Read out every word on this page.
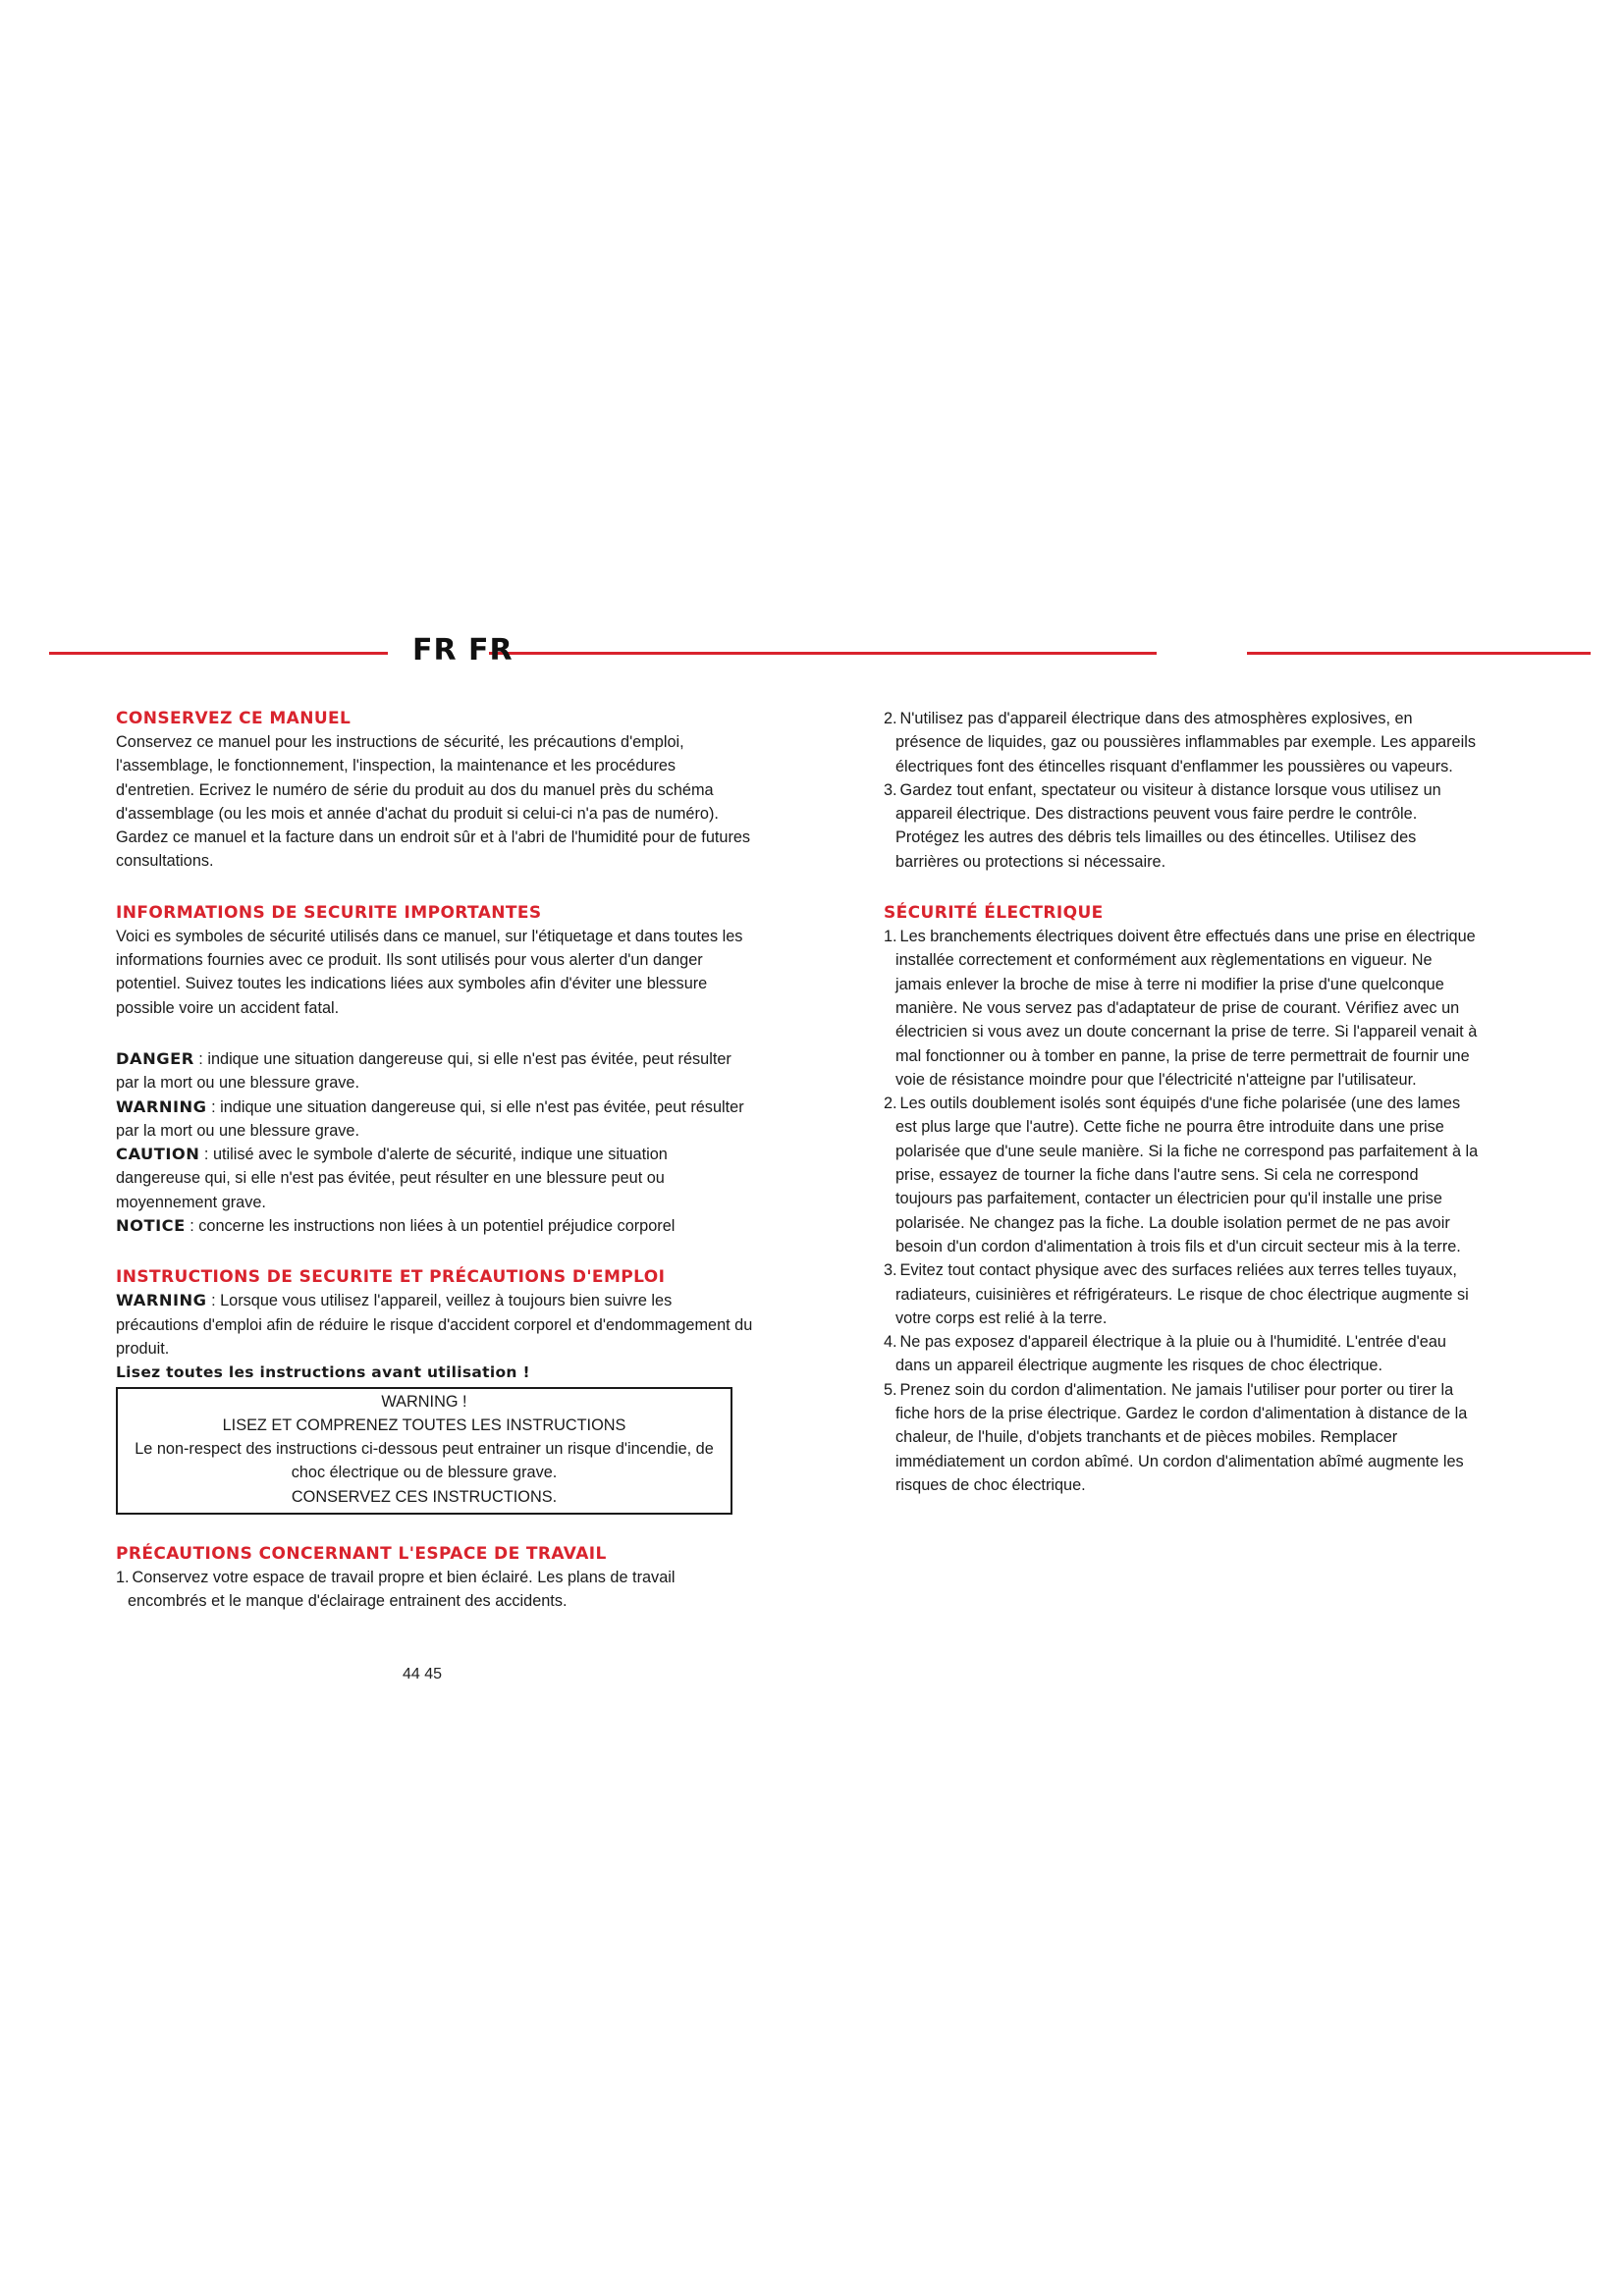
FR FR
CONSERVEZ CE MANUEL

Conservez ce manuel pour les instructions de sécurité, les précautions d'emploi, l'assemblage, le fonctionnement, l'inspection, la maintenance et les procédures d'entretien. Ecrivez le numéro de série du produit au dos du manuel près du schéma d'assemblage (ou les mois et année d'achat du produit si celui-ci n'a pas de numéro). Gardez ce manuel et la facture dans un endroit sûr et à l'abri de l'humidité pour de futures consultations.

INFORMATIONS DE SECURITE IMPORTANTES

Voici es symboles de sécurité utilisés dans ce manuel, sur l'étiquetage et dans toutes les informations fournies avec ce produit. Ils sont utilisés pour vous alerter d'un danger potentiel. Suivez toutes les indications liées aux symboles afin d'éviter une blessure possible voire un accident fatal.

DANGER : indique une situation dangereuse qui, si elle n'est pas évitée, peut résulter par la mort ou une blessure grave.

WARNING : indique une situation dangereuse qui, si elle n'est pas évitée, peut résulter par la mort ou une blessure grave.

CAUTION : utilisé avec le symbole d'alerte de sécurité, indique une situation dangereuse qui, si elle n'est pas évitée, peut résulter en une blessure peut ou moyennement grave.

NOTICE : concerne les instructions non liées à un potentiel préjudice corporel

INSTRUCTIONS DE SECURITE ET PRÉCAUTIONS D'EMPLOI

WARNING : Lorsque vous utilisez l'appareil, veillez à toujours bien suivre les précautions d'emploi afin de réduire le risque d'accident corporel et d'endommagement du produit.

Lisez toutes les instructions avant utilisation !

WARNING !

LISEZ ET COMPRENEZ TOUTES LES INSTRUCTIONS

Le non-respect des instructions ci-dessous peut entrainer un risque d'incendie, de choc électrique ou de blessure grave.

CONSERVEZ CES INSTRUCTIONS.

PRÉCAUTIONS CONCERNANT L'ESPACE DE TRAVAIL
1. Conservez votre espace de travail propre et bien éclairé. Les plans de travail encombrés et le manque d'éclairage entrainent des accidents.
2. N'utilisez pas d'appareil électrique dans des atmosphères explosives, en présence de liquides, gaz ou poussières inflammables par exemple. Les appareils électriques font des étincelles risquant d'enflammer les poussières ou vapeurs.
3. Gardez tout enfant, spectateur ou visiteur à distance lorsque vous utilisez un appareil électrique. Des distractions peuvent vous faire perdre le contrôle. Protégez les autres des débris tels limailles ou des étincelles. Utilisez des barrières ou protections si nécessaire.
SÉCURITÉ ÉLECTRIQUE
1. Les branchements électriques doivent être effectués dans une prise en électrique installée correctement et conformément aux règlementations en vigueur. Ne jamais enlever la broche de mise à terre ni modifier la prise d'une quelconque manière. Ne vous servez pas d'adaptateur de prise de courant. Vérifiez avec un électricien si vous avez un doute concernant la prise de terre. Si l'appareil venait à mal fonctionner ou à tomber en panne, la prise de terre permettrait de fournir une voie de résistance moindre pour que l'électricité n'atteigne par l'utilisateur.
2. Les outils doublement isolés sont équipés d'une fiche polarisée (une des lames est plus large que l'autre). Cette fiche ne pourra être introduite dans une prise polarisée que d'une seule manière. Si la fiche ne correspond pas parfaitement à la prise, essayez de tourner la fiche dans l'autre sens. Si cela ne correspond toujours pas parfaitement, contacter un électricien pour qu'il installe une prise polarisée. Ne changez pas la fiche. La double isolation permet de ne pas avoir besoin d'un cordon d'alimentation à trois fils et d'un circuit secteur mis à la terre.
3. Evitez tout contact physique avec des surfaces reliées aux terres telles tuyaux, radiateurs, cuisinières et réfrigérateurs. Le risque de choc électrique augmente si votre corps est relié à la terre.
4. Ne pas exposez d'appareil électrique à la pluie ou à l'humidité. L'entrée d'eau dans un appareil électrique augmente les risques de choc électrique.
5. Prenez soin du cordon d'alimentation. Ne jamais l'utiliser pour porter ou tirer la fiche hors de la prise électrique. Gardez le cordon d'alimentation à distance de la chaleur, de l'huile, d'objets tranchants et de pièces mobiles. Remplacer immédiatement un cordon abîmé. Un cordon d'alimentation abîmé augmente les risques de choc électrique.
44 45
